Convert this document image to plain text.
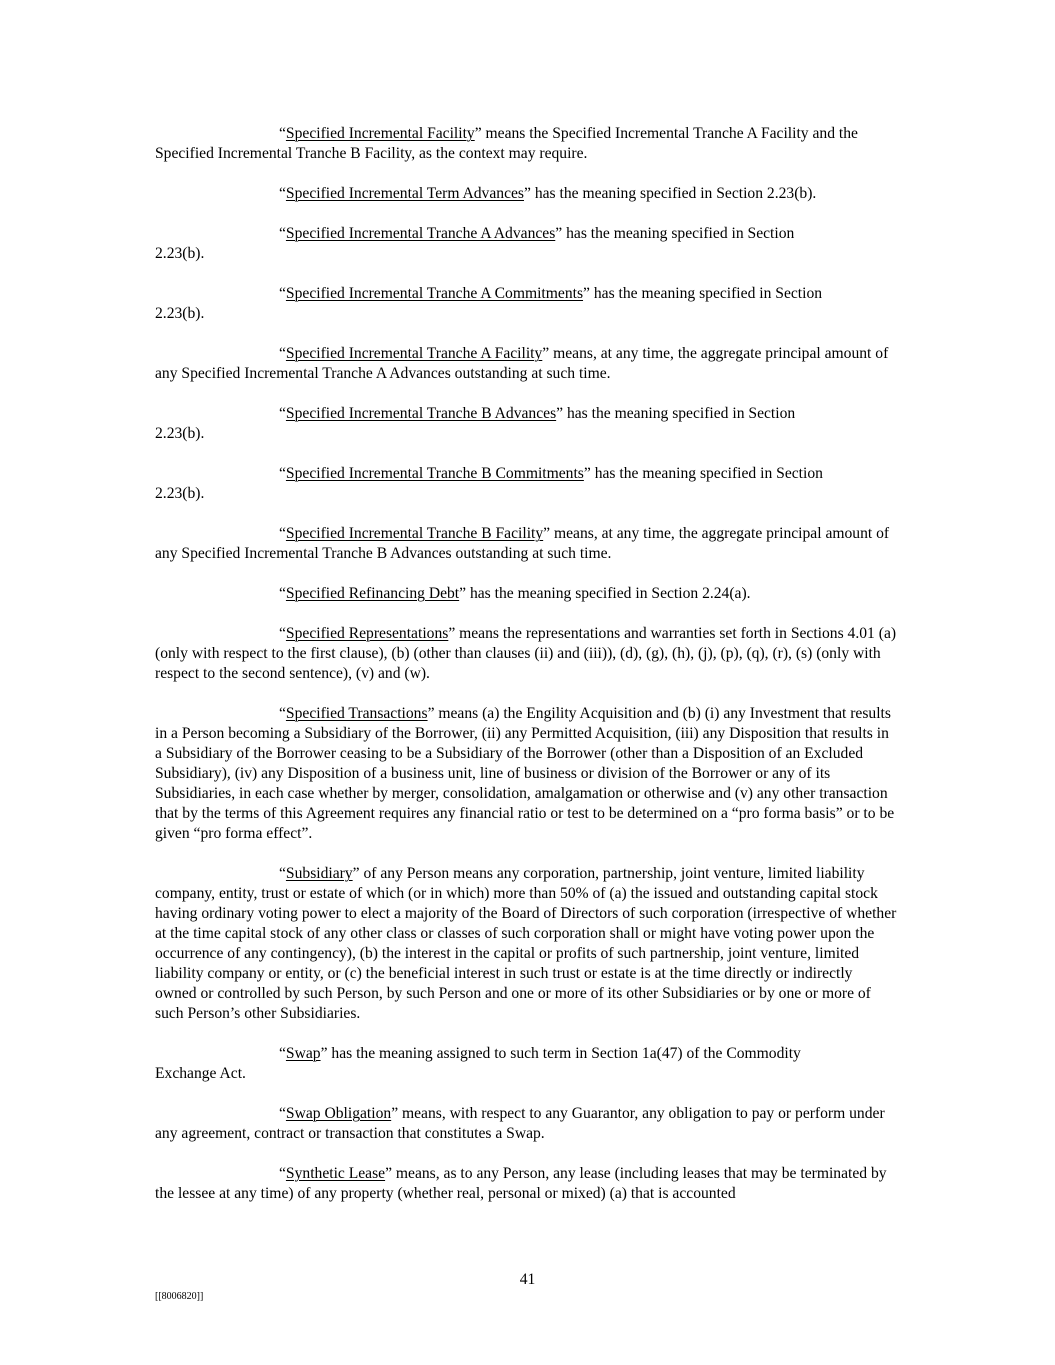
“Specified Incremental Facility” means the Specified Incremental Tranche A Facility and the Specified Incremental Tranche B Facility, as the context may require.

“Specified Incremental Term Advances” has the meaning specified in Section 2.23(b).

“Specified Incremental Tranche A Advances” has the meaning specified in Section
2.23(b).

“Specified Incremental Tranche A Commitments” has the meaning specified in Section
2.23(b).

“Specified Incremental Tranche A Facility” means, at any time, the aggregate principal amount of any Specified Incremental Tranche A Advances outstanding at such time.

“Specified Incremental Tranche B Advances” has the meaning specified in Section
2.23(b).

“Specified Incremental Tranche B Commitments” has the meaning specified in Section
2.23(b).

“Specified Incremental Tranche B Facility” means, at any time, the aggregate principal amount of any Specified Incremental Tranche B Advances outstanding at such time.

“Specified Refinancing Debt” has the meaning specified in Section 2.24(a).

“Specified Representations” means the representations and warranties set forth in Sections 4.01 (a) (only with respect to the first clause), (b) (other than clauses (ii) and (iii)), (d), (g), (h), (j), (p), (q), (r), (s) (only with respect to the second sentence), (v) and (w).

“Specified Transactions” means (a) the Engility Acquisition and (b) (i) any Investment that results in a Person becoming a Subsidiary of the Borrower, (ii) any Permitted Acquisition, (iii) any Disposition that results in a Subsidiary of the Borrower ceasing to be a Subsidiary of the Borrower (other than a Disposition of an Excluded Subsidiary), (iv) any Disposition of a business unit, line of business or division of the Borrower or any of its Subsidiaries, in each case whether by merger, consolidation, amalgamation or otherwise and (v) any other transaction that by the terms of this Agreement requires any financial ratio or test to be determined on a “pro forma basis” or to be given “pro forma effect”.

“Subsidiary” of any Person means any corporation, partnership, joint venture, limited liability company, entity, trust or estate of which (or in which) more than 50% of (a) the issued and outstanding capital stock having ordinary voting power to elect a majority of the Board of Directors of such corporation (irrespective of whether at the time capital stock of any other class or classes of such corporation shall or might have voting power upon the occurrence of any contingency), (b) the interest in the capital or profits of such partnership, joint venture, limited liability company or entity, or (c) the beneficial interest in such trust or estate is at the time directly or indirectly owned or controlled by such Person, by such Person and one or more of its other Subsidiaries or by one or more of such Person’s other Subsidiaries.

“Swap” has the meaning assigned to such term in Section 1a(47) of the Commodity
Exchange Act.

“Swap Obligation” means, with respect to any Guarantor, any obligation to pay or perform under any agreement, contract or transaction that constitutes a Swap.

“Synthetic Lease” means, as to any Person, any lease (including leases that may be terminated by the lessee at any time) of any property (whether real, personal or mixed) (a) that is accounted

41
[[8006820]]
